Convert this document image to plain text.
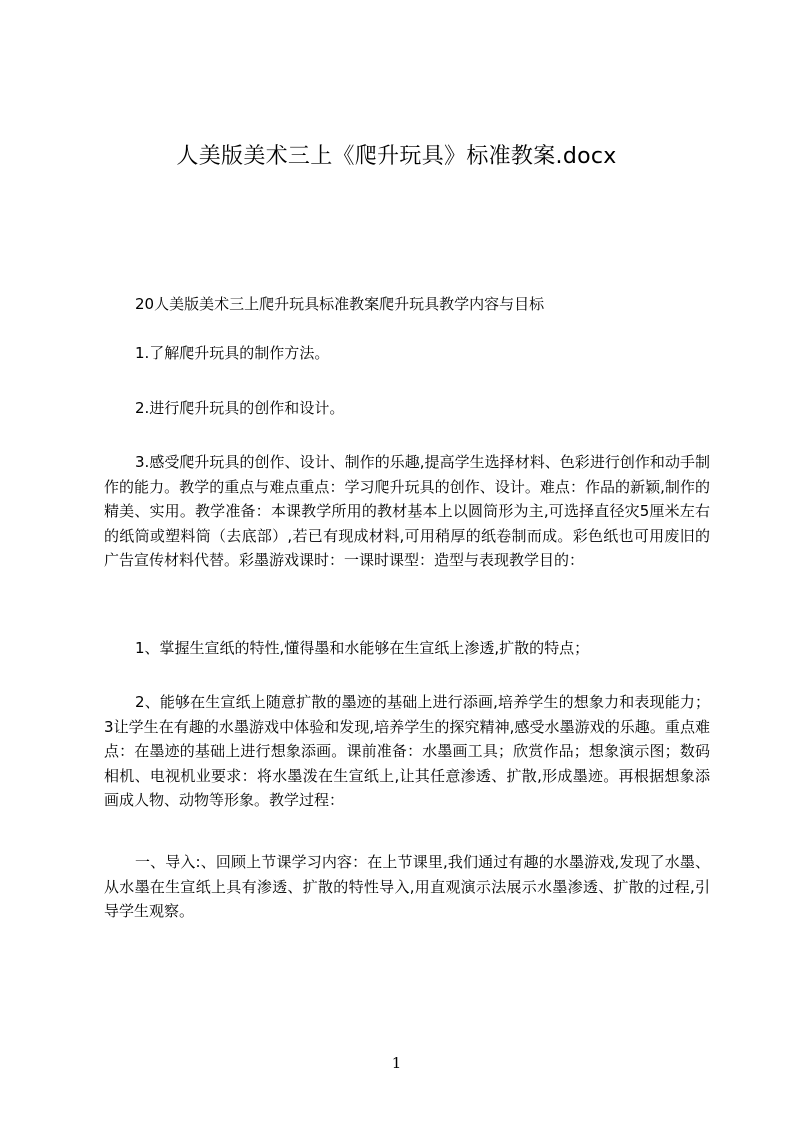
人美版美术三上《爬升玩具》标准教案.docx

20人美版美术三上爬升玩具标准教案爬升玩具教学内容与目标

1.了解爬升玩具的制作方法。

2.进行爬升玩具的创作和设计。

3.感受爬升玩具的创作、设计、制作的乐趣,提高学生选择材料、色彩进行创作和动手制作的能力。教学的重点与难点重点：学习爬升玩具的创作、设计。难点：作品的新颖,制作的精美、实用。教学准备：本课教学所用的教材基本上以圆筒形为主,可选择直径灾5厘米左右的纸筒或塑料筒（去底部）,若已有现成材料,可用稍厚的纸卷制而成。彩色纸也可用废旧的广告宣传材料代替。彩墨游戏课时：一课时课型：造型与表现教学目的：

1、掌握生宣纸的特性,懂得墨和水能够在生宣纸上渗透,扩散的特点；

2、能够在生宣纸上随意扩散的墨迹的基础上进行添画,培养学生的想象力和表现能力；3让学生在有趣的水墨游戏中体验和发现,培养学生的探究精神,感受水墨游戏的乐趣。重点难点：在墨迹的基础上进行想象添画。课前准备：水墨画工具；欣赏作品；想象演示图；数码相机、电视机业要求：将水墨泼在生宣纸上,让其任意渗透、扩散,形成墨迹。再根据想象添画成人物、动物等形象。教学过程：

一、导入:、回顾上节课学习内容：在上节课里,我们通过有趣的水墨游戏,发现了水墨、从水墨在生宣纸上具有渗透、扩散的特性导入,用直观演示法展示水墨渗透、扩散的过程,引导学生观察。

1
